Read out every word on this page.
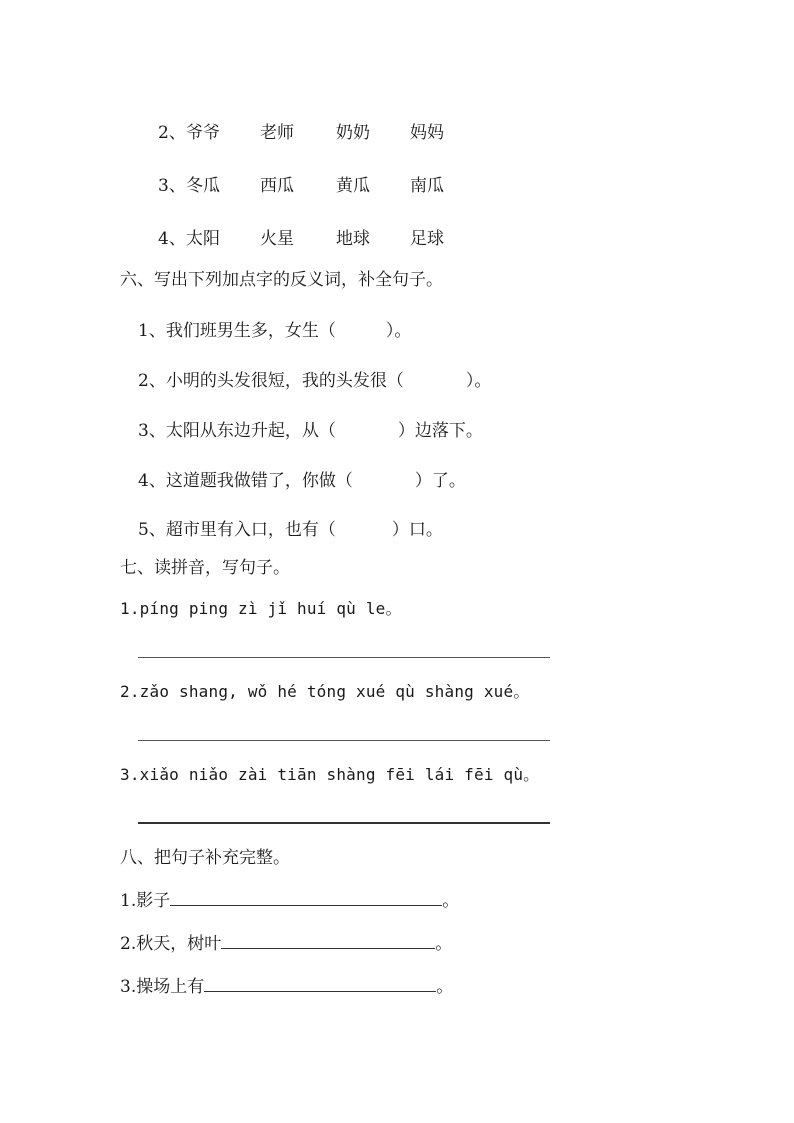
2、 爷爷 老师 奶奶 妈妈
3、 冬瓜 西瓜 黄瓜 南瓜
4、 太阳 火星 地球 足球
六、写出下列加点字的反义词，补全句子。
1、我们班男生多，女生（	）。
2、小明的头发很短，我的头发很（	）。
3、太阳从东边升起，从（	）边落下。
4、这道题我做错了，你做（	）了。
5、超市里有入口，也有（	）口。
七、读拼音，写句子。
1.píng ping zì jǐ huí qù le。
2.zǎo shang, wǒ hé tóng xué qù shàng xué。
3.xiǎo niǎo zài tiān shàng fēi lái fēi qù。
八、把句子补充完整。
1.影子	。
2.秋天，树叶	。
3.操场上有	。
